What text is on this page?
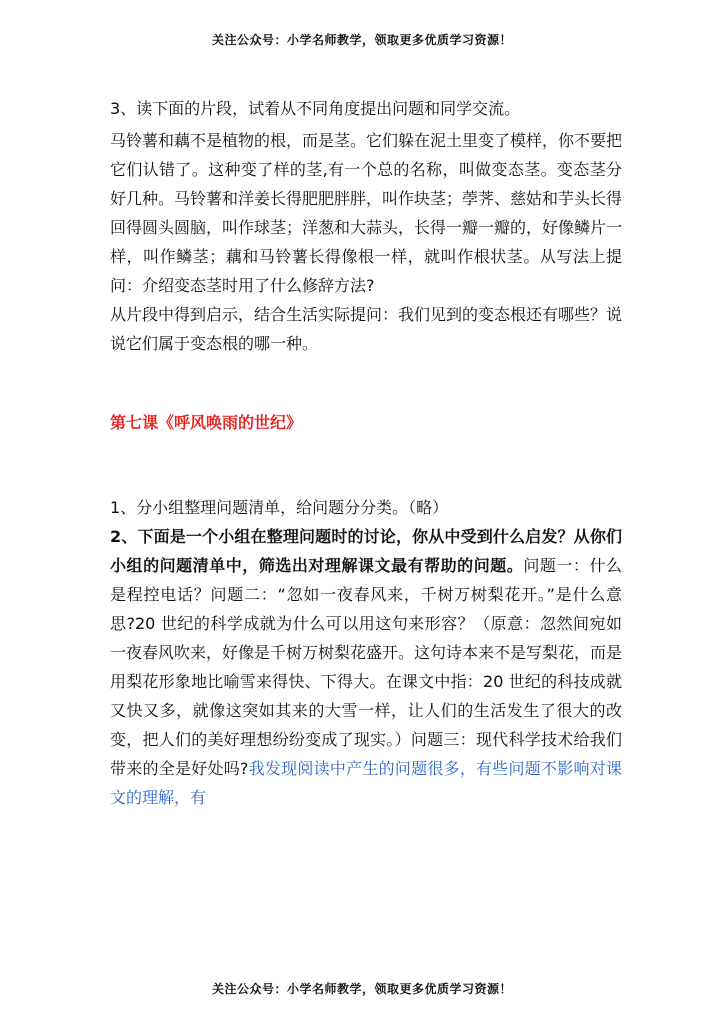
关注公众号：小学名师教学，领取更多优质学习资源！

3、读下面的片段，试着从不同角度提出问题和同学交流。

马铃薯和藕不是植物的根，而是茎。它们躲在泥土里变了模样，你不要把它们认错了。这种变了样的茎,有一个总的名称，叫做变态茎。变态茎分好几种。马铃薯和洋姜长得肥肥胖胖，叫作块茎；荸荠、慈姑和芋头长得回得圆头圆脑，叫作球茎；洋葱和大蒜头，长得一瓣一瓣的，好像鳞片一样，叫作鳞茎；藕和马铃薯长得像根一样，就叫作根状茎。从写法上提问：介绍变态茎时用了什么修辞方法?

从片段中得到启示，结合生活实际提问：我们见到的变态根还有哪些？说说它们属于变态根的哪一种。

第七课《呼风唤雨的世纪》

1、分小组整理问题清单，给问题分分类。（略）

2、下面是一个小组在整理问题时的讨论，你从中受到什么启发？从你们小组的问题清单中，筛选出对理解课文最有帮助的问题。问题一：什么是程控电话？问题二：“忽如一夜春风来，千树万树梨花开。”是什么意思?20 世纪的科学成就为什么可以用这句来形容？（原意：忽然间宛如一夜春风吹来，好像是千树万树梨花盛开。这句诗本来不是写梨花，而是用梨花形象地比喻雪来得快、下得大。在课文中指：20 世纪的科技成就又快又多，就像这突如其来的大雪一样，让人们的生活发生了很大的改变，把人们的美好理想纷纷变成了现实。）问题三：现代科学技术给我们带来的全是好处吗?我发现阅读中产生的问题很多，有些问题不影响对课文的理解，有

关注公众号：小学名师教学，领取更多优质学习资源！
